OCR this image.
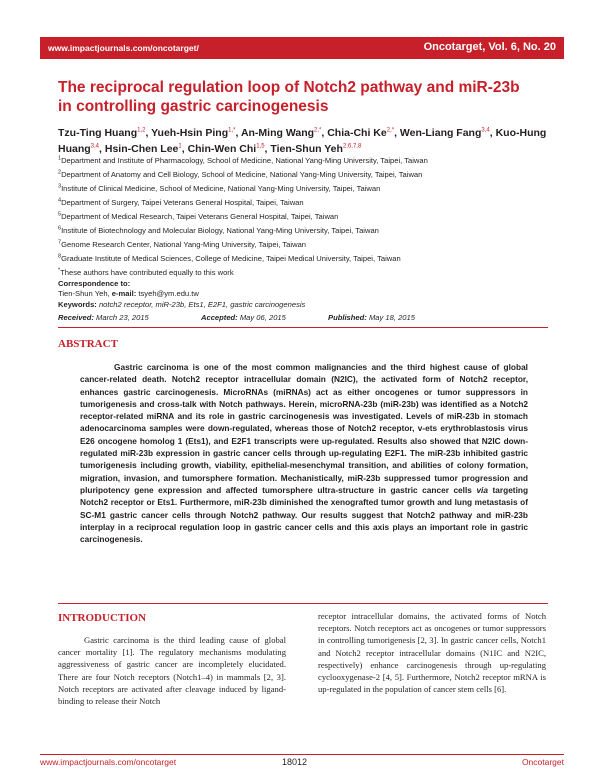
www.impactjournals.com/oncotarget/	Oncotarget, Vol. 6, No. 20
The reciprocal regulation loop of Notch2 pathway and miR-23b
in controlling gastric carcinogenesis
Tzu-Ting Huang$^{1,2}$, Yueh-Hsin Ping$^{1,*}$, An-Ming Wang$^{2,*}$, Chia-Chi $Ke^{2,*}$, Wen-Liang Fang$^{3,4}$, Kuo-Hung Huang$^{3,4}$, Hsin-Chen Lee$^1$, Chin-Wen Chi$^{1,5}$, Tien-Shun Yeh$^{2,6,7,8}$
$^1$Department and Institute of Pharmacology, School of Medicine, National Yang-Ming University, Taipei, Taiwan
$^2$Department of Anatomy and Cell Biology, School of Medicine, National Yang-Ming University, Taipei, Taiwan
$^3$Institute of Clinical Medicine, School of Medicine, National Yang-Ming University, Taipei, Taiwan
$^4$Department of Surgery, Taipei Veterans General Hospital, Taipei, Taiwan
$^5$Department of Medical Research, Taipei Veterans General Hospital, Taipei, Taiwan
$^6$Institute of Biotechnology and Molecular Biology, National Yang-Ming University, Taipei, Taiwan
$^7$Genome Research Center, National Yang-Ming University, Taipei, Taiwan
$^8$Graduate Institute of Medical Sciences, College of Medicine, Taipei Medical University, Taipei, Taiwan
*These authors have contributed equally to this work
Correspondence to:
Tien-Shun Yeh, e-mail: tsyeh@ym.edu.tw
Keywords: notch2 receptor, miR-23b, Ets1, E2F1, gastric carcinogenesis
Received: March 23, 2015	Accepted: May 06, 2015	Published: May 18, 2015
ABSTRACT
Gastric carcinoma is one of the most common malignancies and the third highest cause of global cancer-related death. Notch2 receptor intracellular domain (N2IC), the activated form of Notch2 receptor, enhances gastric carcinogenesis. MicroRNAs (miRNAs) act as either oncogenes or tumor suppressors in tumorigenesis and cross-talk with Notch pathways. Herein, microRNA-23b (miR-23b) was identified as a Notch2 receptor-related miRNA and its role in gastric carcinogenesis was investigated. Levels of miR-23b in stomach adenocarcinoma samples were down-regulated, whereas those of Notch2 receptor, v-ets erythroblastosis virus E26 oncogene homolog 1 (Ets1), and E2F1 transcripts were up-regulated. Results also showed that N2IC down-regulated miR-23b expression in gastric cancer cells through up-regulating E2F1. The miR-23b inhibited gastric tumorigenesis including growth, viability, epithelial-mesenchymal transition, and abilities of colony formation, migration, invasion, and tumorsphere formation. Mechanistically, miR-23b suppressed tumor progression and pluripotency gene expression and affected tumorsphere ultra-structure in gastric cancer cells via targeting Notch2 receptor or Ets1. Furthermore, miR-23b diminished the xenografted tumor growth and lung metastasis of SC-M1 gastric cancer cells through Notch2 pathway. Our results suggest that Notch2 pathway and miR-23b interplay in a reciprocal regulation loop in gastric cancer cells and this axis plays an important role in gastric carcinogenesis.
INTRODUCTION
Gastric carcinoma is the third leading cause of global cancer mortality [1]. The regulatory mechanisms modulating aggressiveness of gastric cancer are incompletely elucidated. There are four Notch receptors (Notch1–4) in mammals [2, 3]. Notch receptors are activated after cleavage induced by ligand-binding to release their Notch
receptor intracellular domains, the activated forms of Notch receptors. Notch receptors act as oncogenes or tumor suppressors in controlling tumorigenesis [2, 3]. In gastric cancer cells, Notch1 and Notch2 receptor intracellular domains (N1IC and N2IC, respectively) enhance carcinogenesis through up-regulating cyclooxygenase-2 [4, 5]. Furthermore, Notch2 receptor mRNA is up-regulated in the population of cancer stem cells [6].
www.impactjournals.com/oncotarget	18012	Oncotarget
